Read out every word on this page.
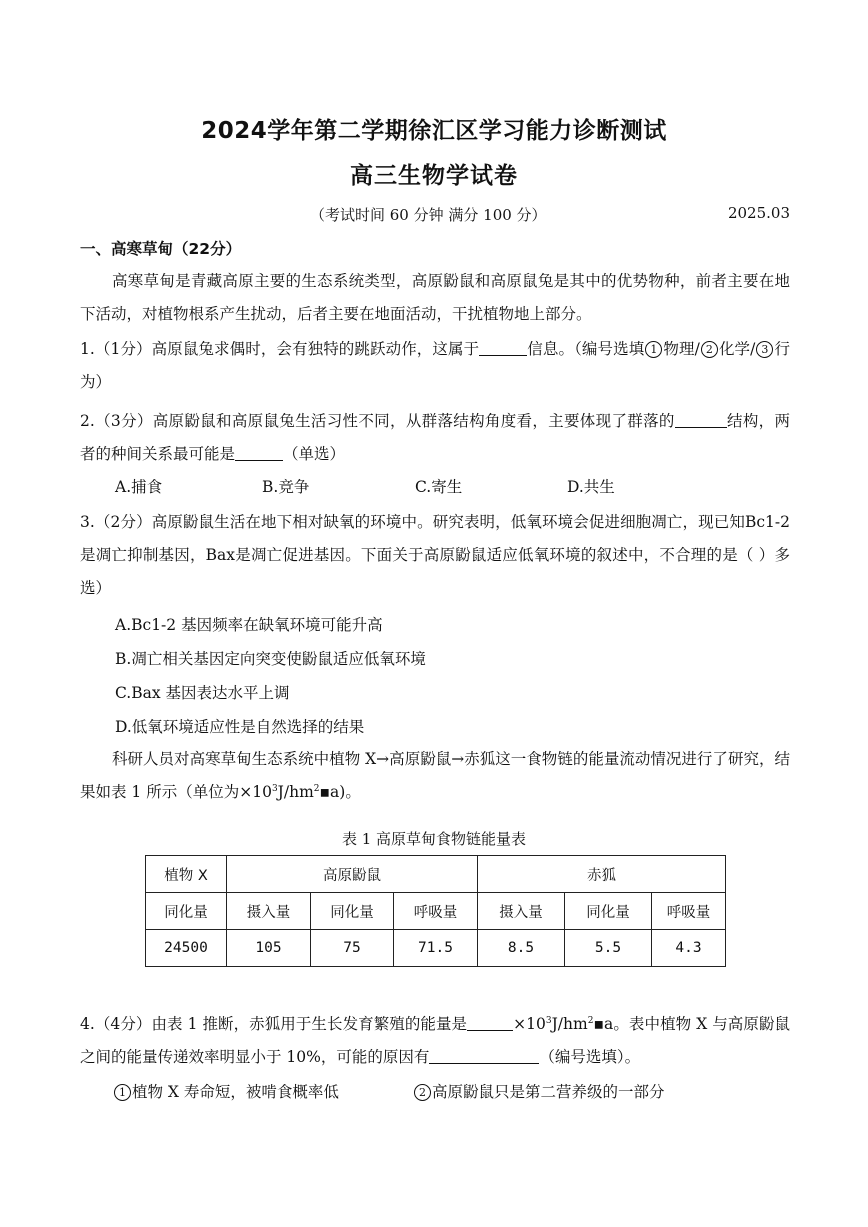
2024学年第二学期徐汇区学习能力诊断测试
高三生物学试卷
（考试时间 60 分钟 满分 100 分）	2025.03
一、高寒草甸（22分）
高寒草甸是青藏高原主要的生态系统类型，高原鼢鼠和高原鼠兔是其中的优势物种，前者主要在地下活动，对植物根系产生扰动，后者主要在地面活动，干扰植物地上部分。
1.（1分）高原鼠兔求偶时，会有独特的跳跃动作，这属于	信息。（编号选填 1 物理/ 2 化学/ 3 行为）
2.（3分）高原鼢鼠和高原鼠兔生活习性不同，从群落结构角度看，主要体现了群落的	结构，两者的种间关系最可能是	（单选）
A.捕食	B.竞争	C.寄生	D.共生
3.（2分）高原鼢鼠生活在地下相对缺氧的环境中。研究表明，低氧环境会促进细胞凋亡，现已知Bc1-2是凋亡抑制基因，Bax是凋亡促进基因。下面关于高原鼢鼠适应低氧环境的叙述中，不合理的是（ ）多选）
A.Bc1-2 基因频率在缺氧环境可能升高
B.凋亡相关基因定向突变使鼢鼠适应低氧环境
C.Bax 基因表达水平上调
D.低氧环境适应性是自然选择的结果
科研人员对高寒草甸生态系统中植物 X→高原鼢鼠→赤狐这一食物链的能量流动情况进行了研究，结果如表 1 所示（单位为$\times 10^3J/hm^2▪a$)。
表 1 高原草甸食物链能量表
植物 X	高原鼢鼠			赤狐		
同化量	摄入量	同化量	呼吸量	摄入量	同化量	呼吸量
24500	105	75	71.5	8.5	5.5	4.3
4.（4分）由表 1 推断，赤狐用于生长发育繁殖的能量是	$\times 10^3J/hm^2▪a$。表中植物 X 与高原鼢鼠之间的能量传递效率明显小于 10%，可能的原因有	（编号选填）。
1 植物 X 寿命短，被啃食概率低	2 高原鼢鼠只是第二营养级的一部分
